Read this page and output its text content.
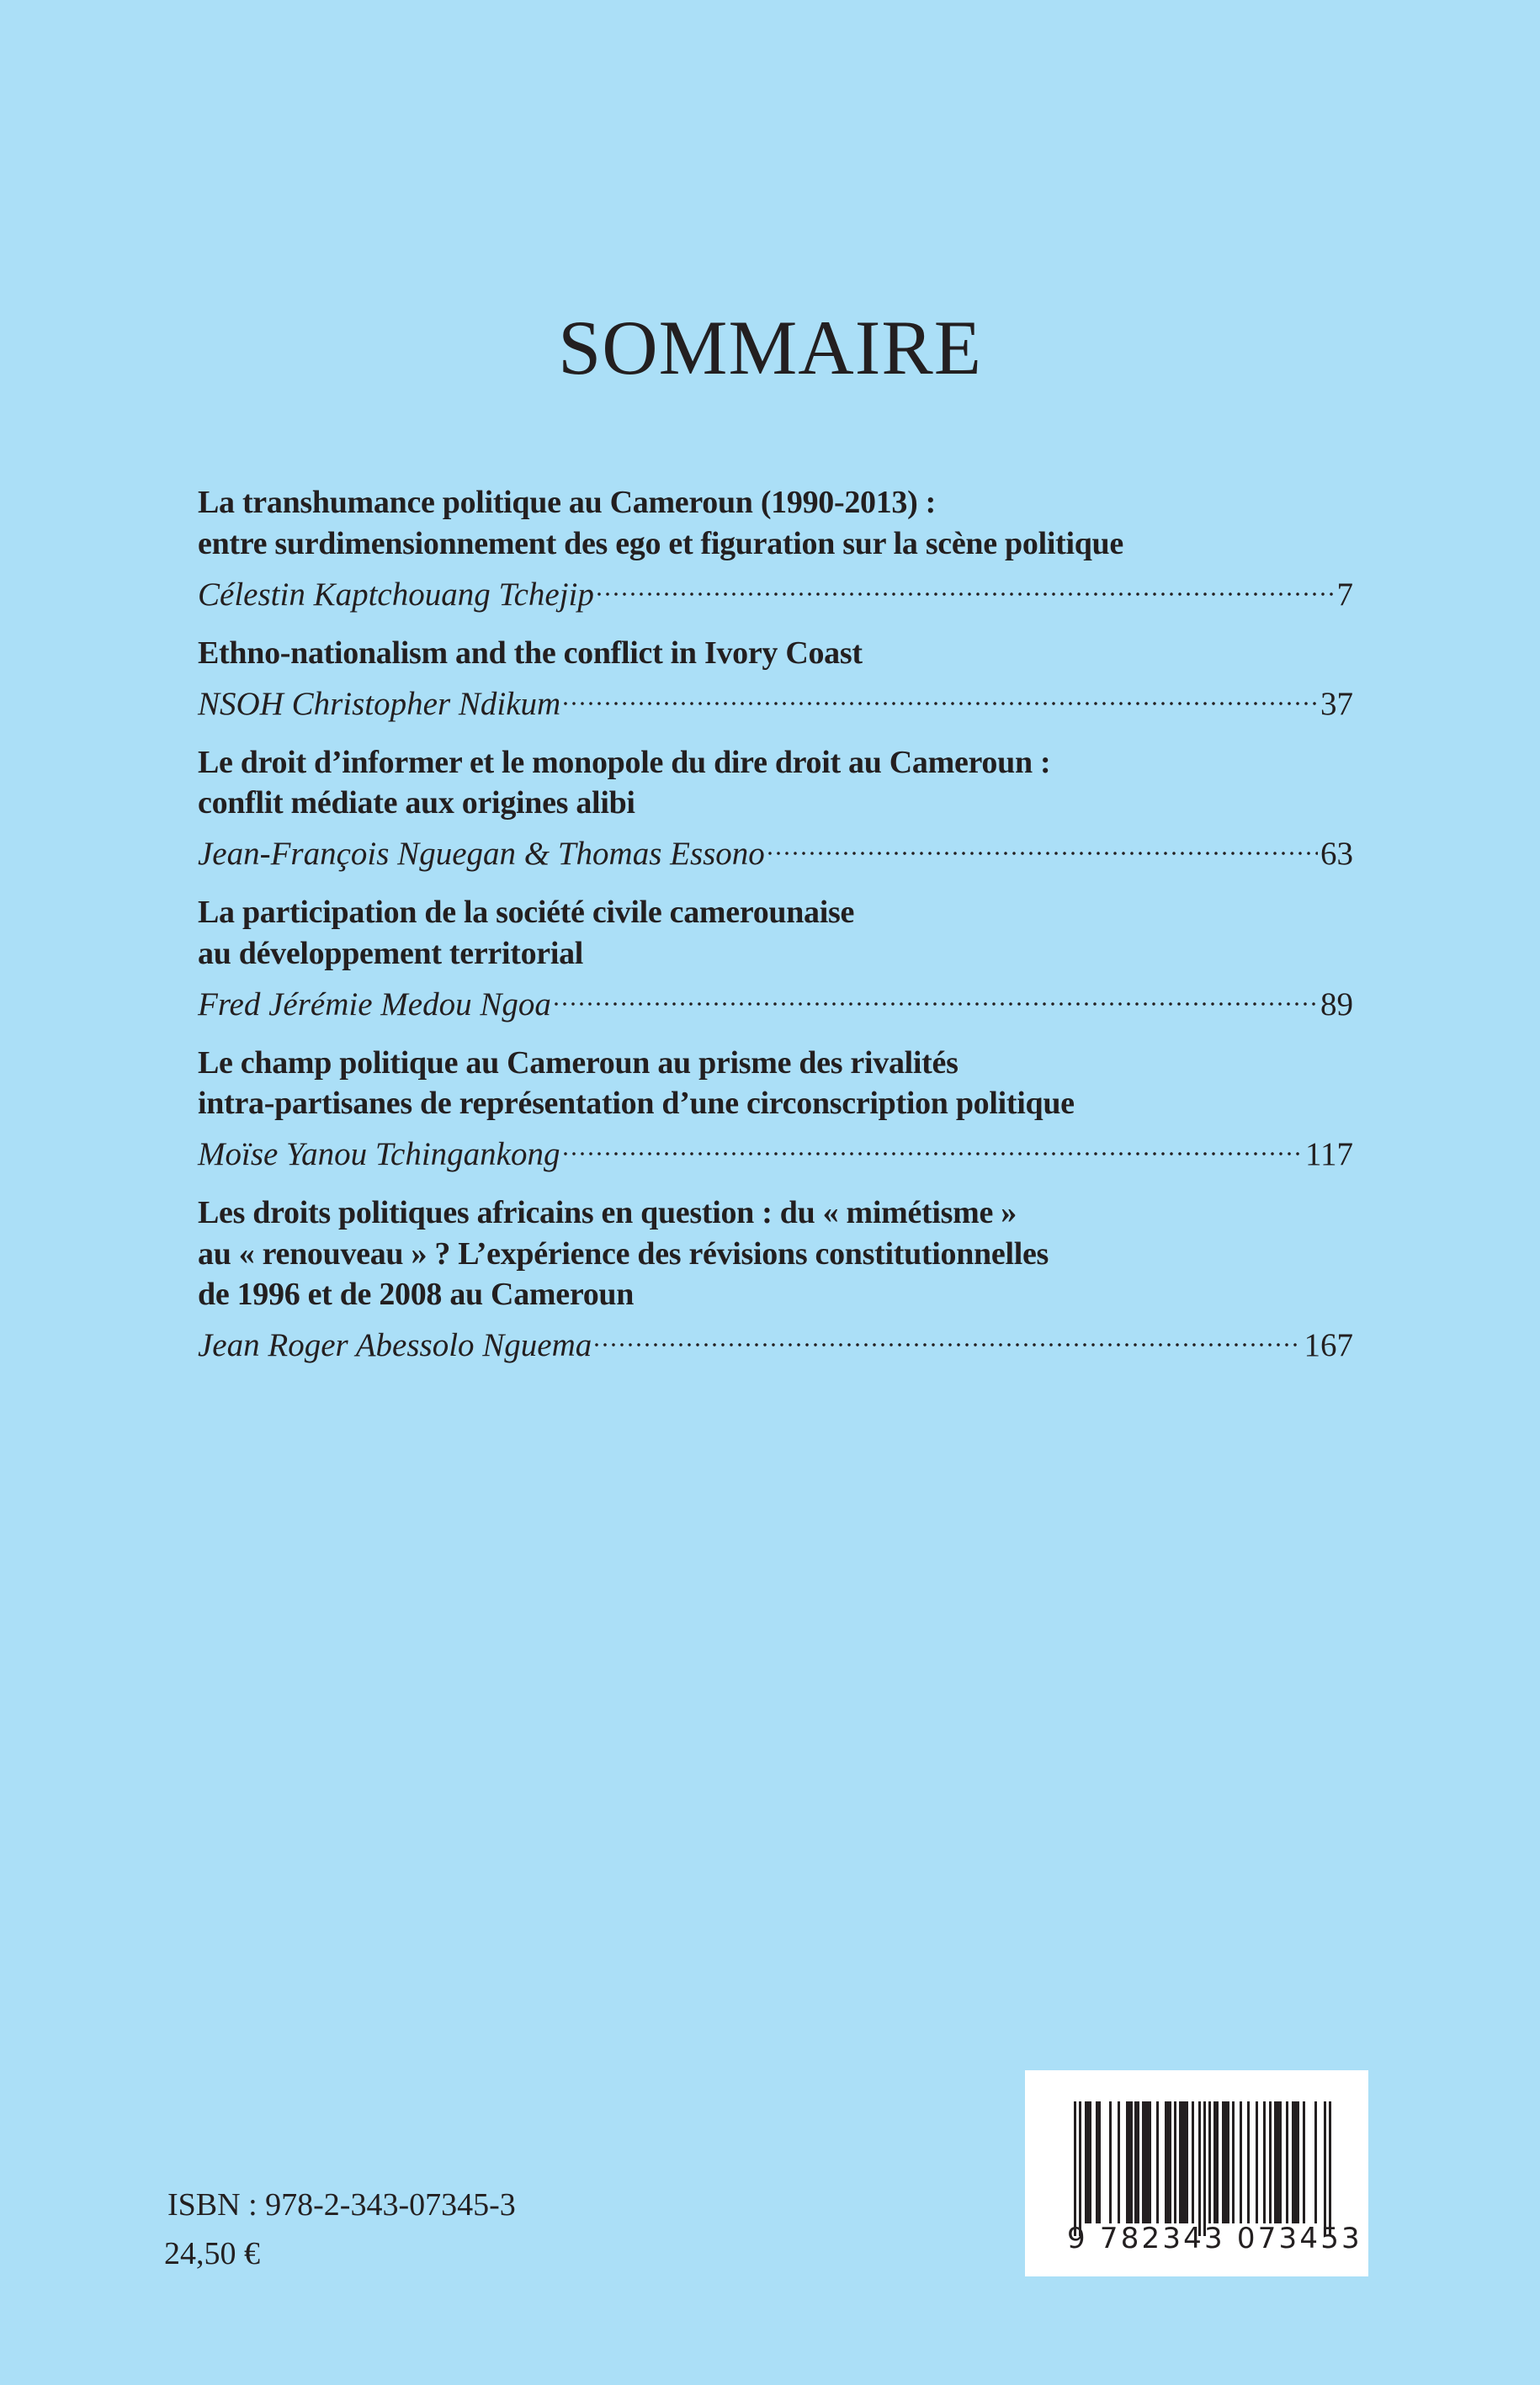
SOMMAIRE
La transhumance politique au Cameroun (1990-2013) :
entre surdimensionnement des ego et figuration sur la scène politique
Célestin Kaptchouang Tchejip	7
Ethno-nationalism and the conflict in Ivory Coast
NSOH Christopher Ndikum	37
Le droit d’informer et le monopole du dire droit au Cameroun :
conflit médiate aux origines alibi
Jean-François Nguegan & Thomas Essono	63
La participation de la société civile camerounaise
au développement territorial
Fred Jérémie Medou Ngoa	89
Le champ politique au Cameroun au prisme des rivalités
intra-partisanes de représentation d’une circonscription politique
Moïse Yanou Tchingankong	117
Les droits politiques africains en question : du « mimétisme »
au « renouveau » ? L’expérience des révisions constitutionnelles
de 1996 et de 2008 au Cameroun
Jean Roger Abessolo Nguema	167
ISBN : 978-2-343-07345-3
24,50 €	9 782343 073453
